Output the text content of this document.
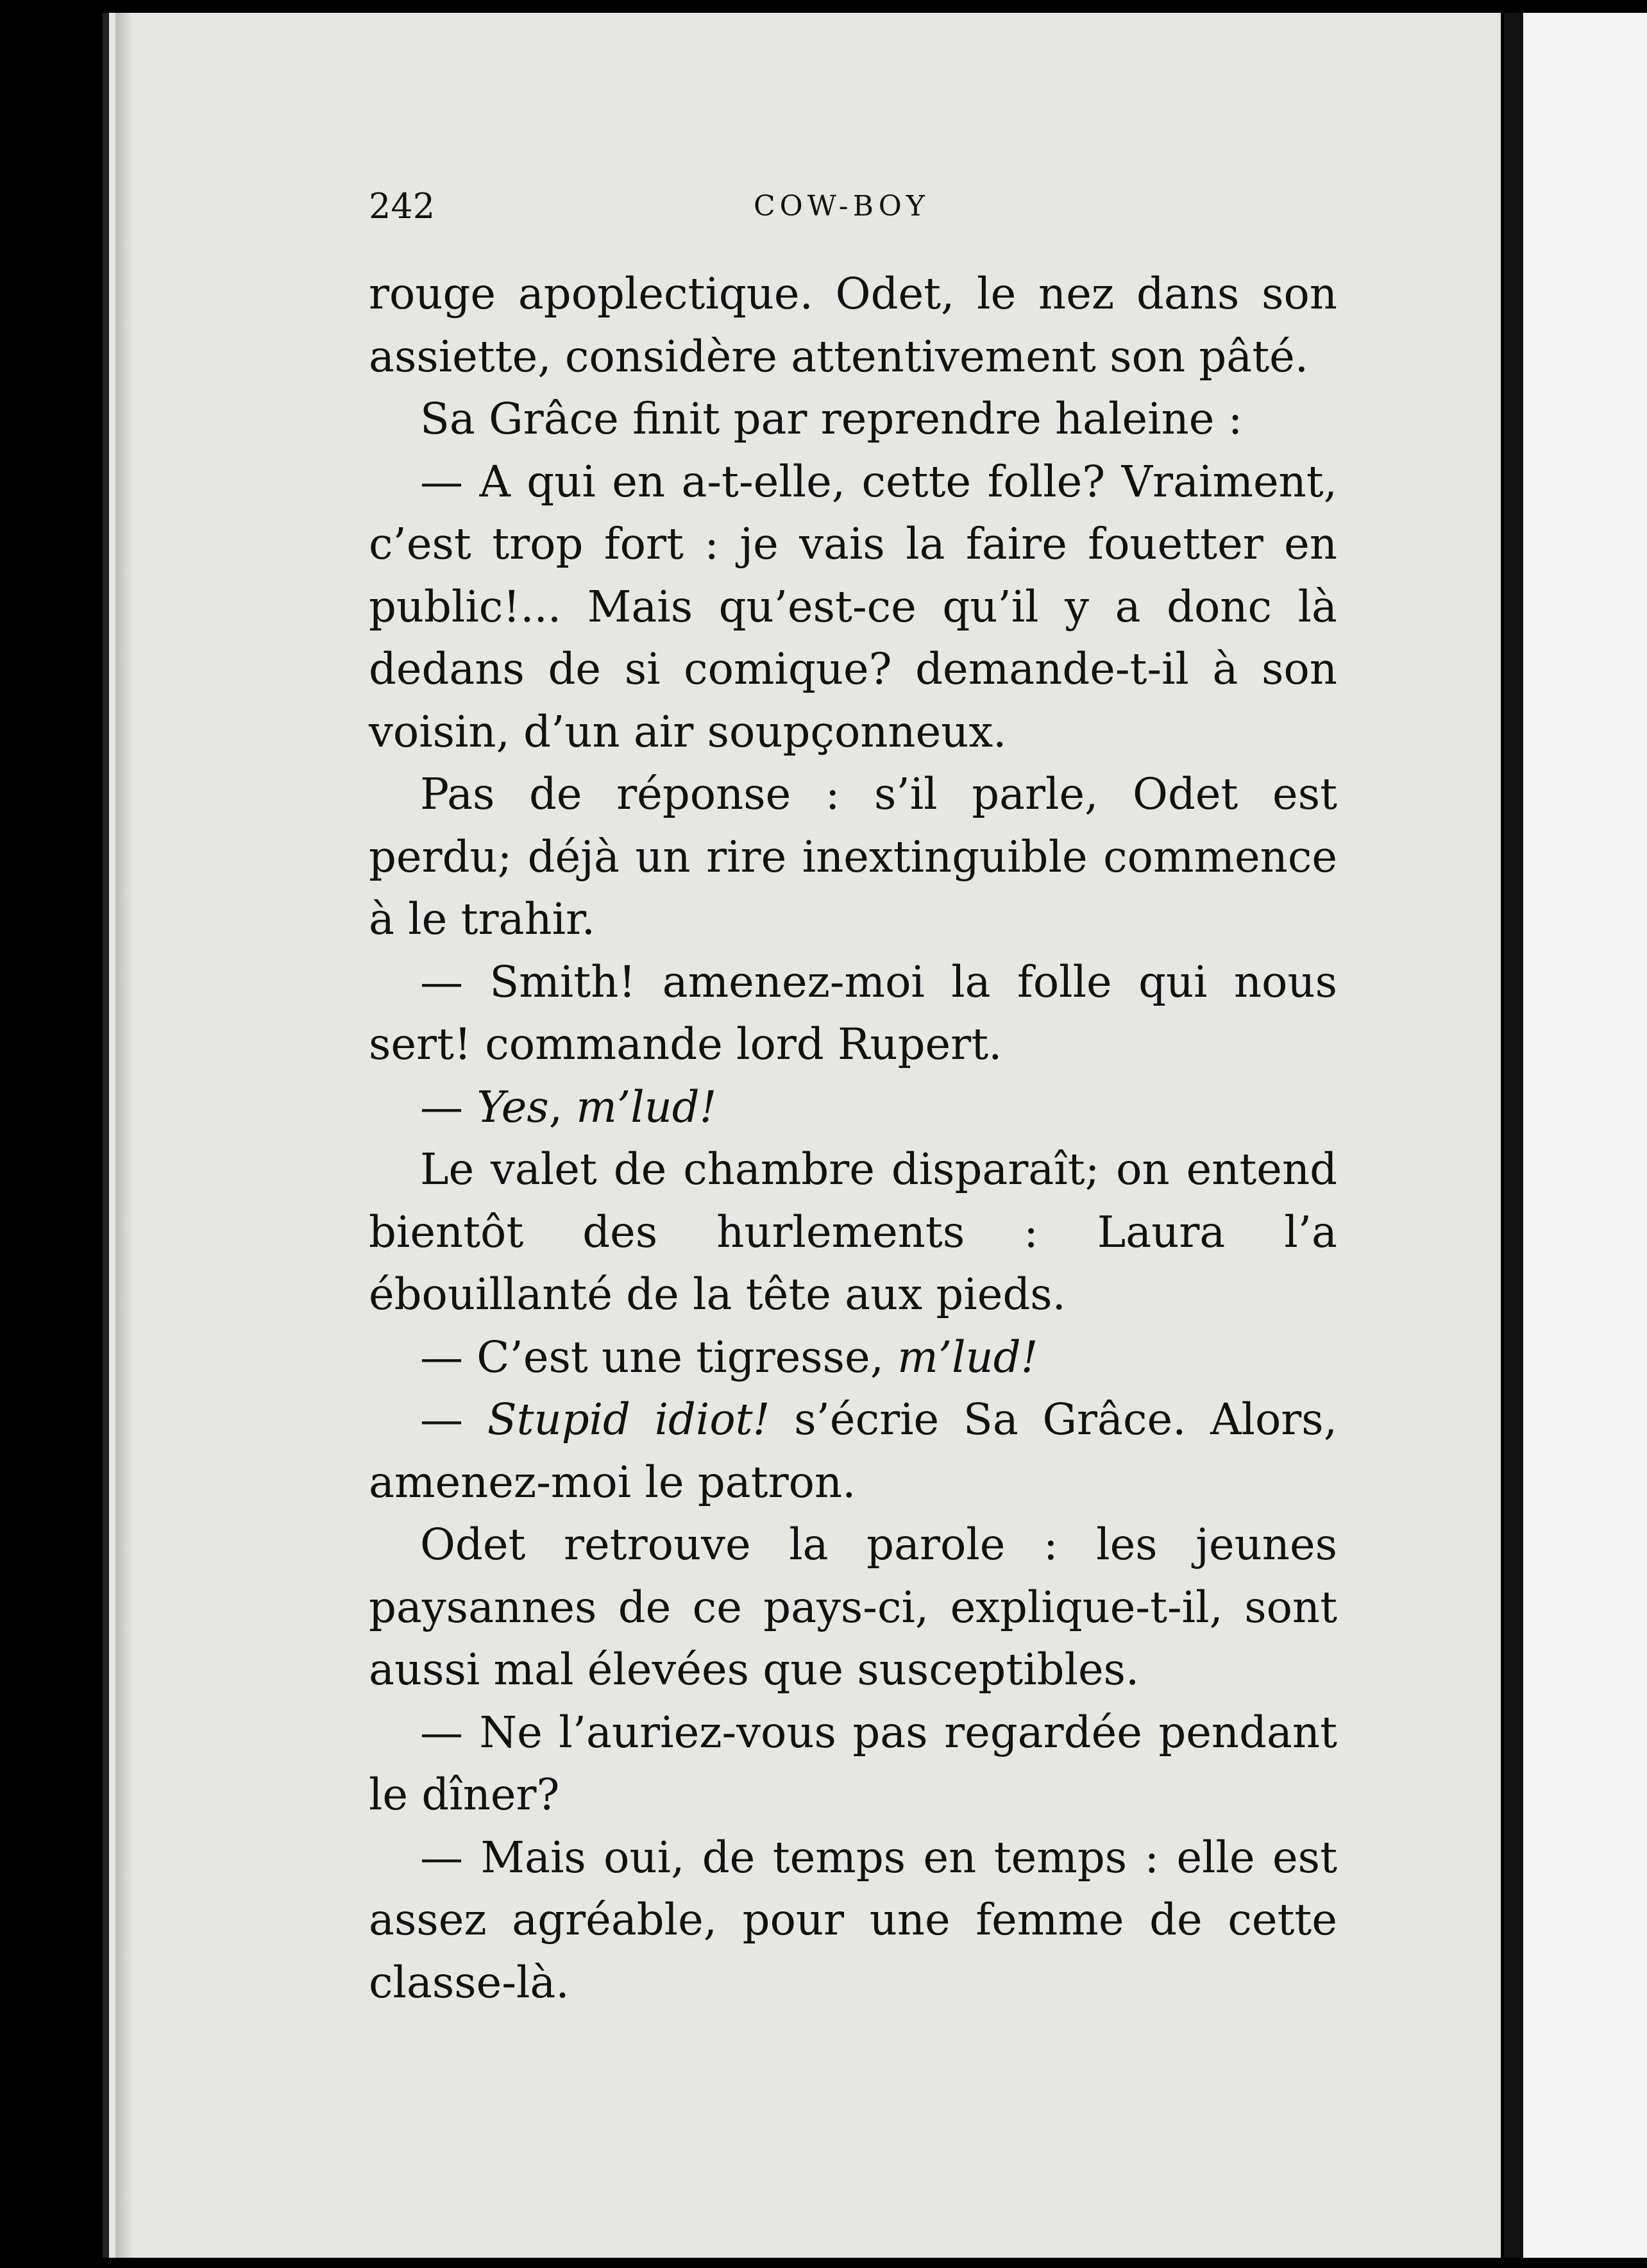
242	COW-BOY

rouge apoplectique. Odet, le nez dans son assiette, considère attentivement son pâté.

Sa Grâce finit par reprendre haleine :

— A qui en a-t-elle, cette folle? Vraiment, c’est trop fort : je vais la faire fouetter en public!... Mais qu’est-ce qu’il y a donc là dedans de si comique? demande-t-il à son voisin, d’un air soupçonneux.

Pas de réponse : s’il parle, Odet est perdu; déjà un rire inextinguible commence à le trahir.

— Smith! amenez-moi la folle qui nous sert! commande lord Rupert.

— Yes, m’lud!

Le valet de chambre disparaît; on entend bientôt des hurlements : Laura l’a ébouillanté de la tête aux pieds.

— C’est une tigresse, m’lud!

— Stupid idiot! s’écrie Sa Grâce. Alors, amenez-moi le patron.

Odet retrouve la parole : les jeunes paysannes de ce pays-ci, explique-t-il, sont aussi mal élevées que susceptibles.

— Ne l’auriez-vous pas regardée pendant le dîner?

— Mais oui, de temps en temps : elle est assez agréable, pour une femme de cette classe-là.
